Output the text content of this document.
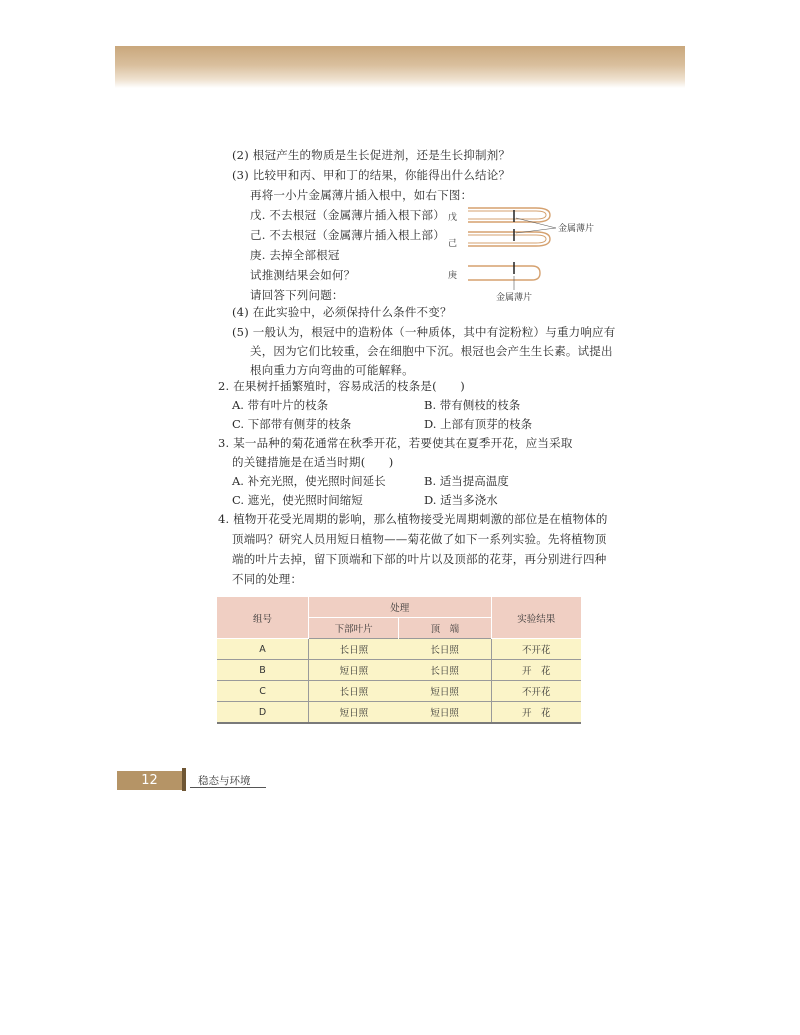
(2) 根冠产生的物质是生长促进剂，还是生长抑制剂？
(3) 比较甲和丙、甲和丁的结果，你能得出什么结论？
再将一小片金属薄片插入根中，如右下图：
戊. 不去根冠（金属薄片插入根下部）
己. 不去根冠（金属薄片插入根上部）
庚. 去掉全部根冠
试推测结果会如何？
请回答下列问题：
(4) 在此实验中，必须保持什么条件不变？
(5) 一般认为，根冠中的造粉体（一种质体，其中有淀粉粒）与重力响应有
关，因为它们比较重，会在细胞中下沉。根冠也会产生生长素。试提出
根向重力方向弯曲的可能解释。
戊
己
庚
金属薄片
金属薄片
2. 在果树扦插繁殖时，容易成活的枝条是(　　)
A. 带有叶片的枝条	B. 带有侧枝的枝条
C. 下部带有侧芽的枝条	D. 上部有顶芽的枝条
3. 某一品种的菊花通常在秋季开花，若要使其在夏季开花，应当采取
的关键措施是在适当时期(　　)
A. 补充光照，使光照时间延长	B. 适当提高温度
C. 遮光，使光照时间缩短	D. 适当多浇水
4. 植物开花受光周期的影响，那么植物接受光周期刺激的部位是在植物体的
顶端吗？研究人员用短日植物——菊花做了如下一系列实验。先将植物顶
端的叶片去掉，留下顶端和下部的叶片以及顶部的花芽，再分别进行四种
不同的处理：
组号	处理		实验结果
	下部叶片	顶　端	
A	长日照	长日照	不开花
B	短日照	长日照	开　花
C	长日照	短日照	不开花
D	短日照	短日照	开　花
12	稳态与环境
